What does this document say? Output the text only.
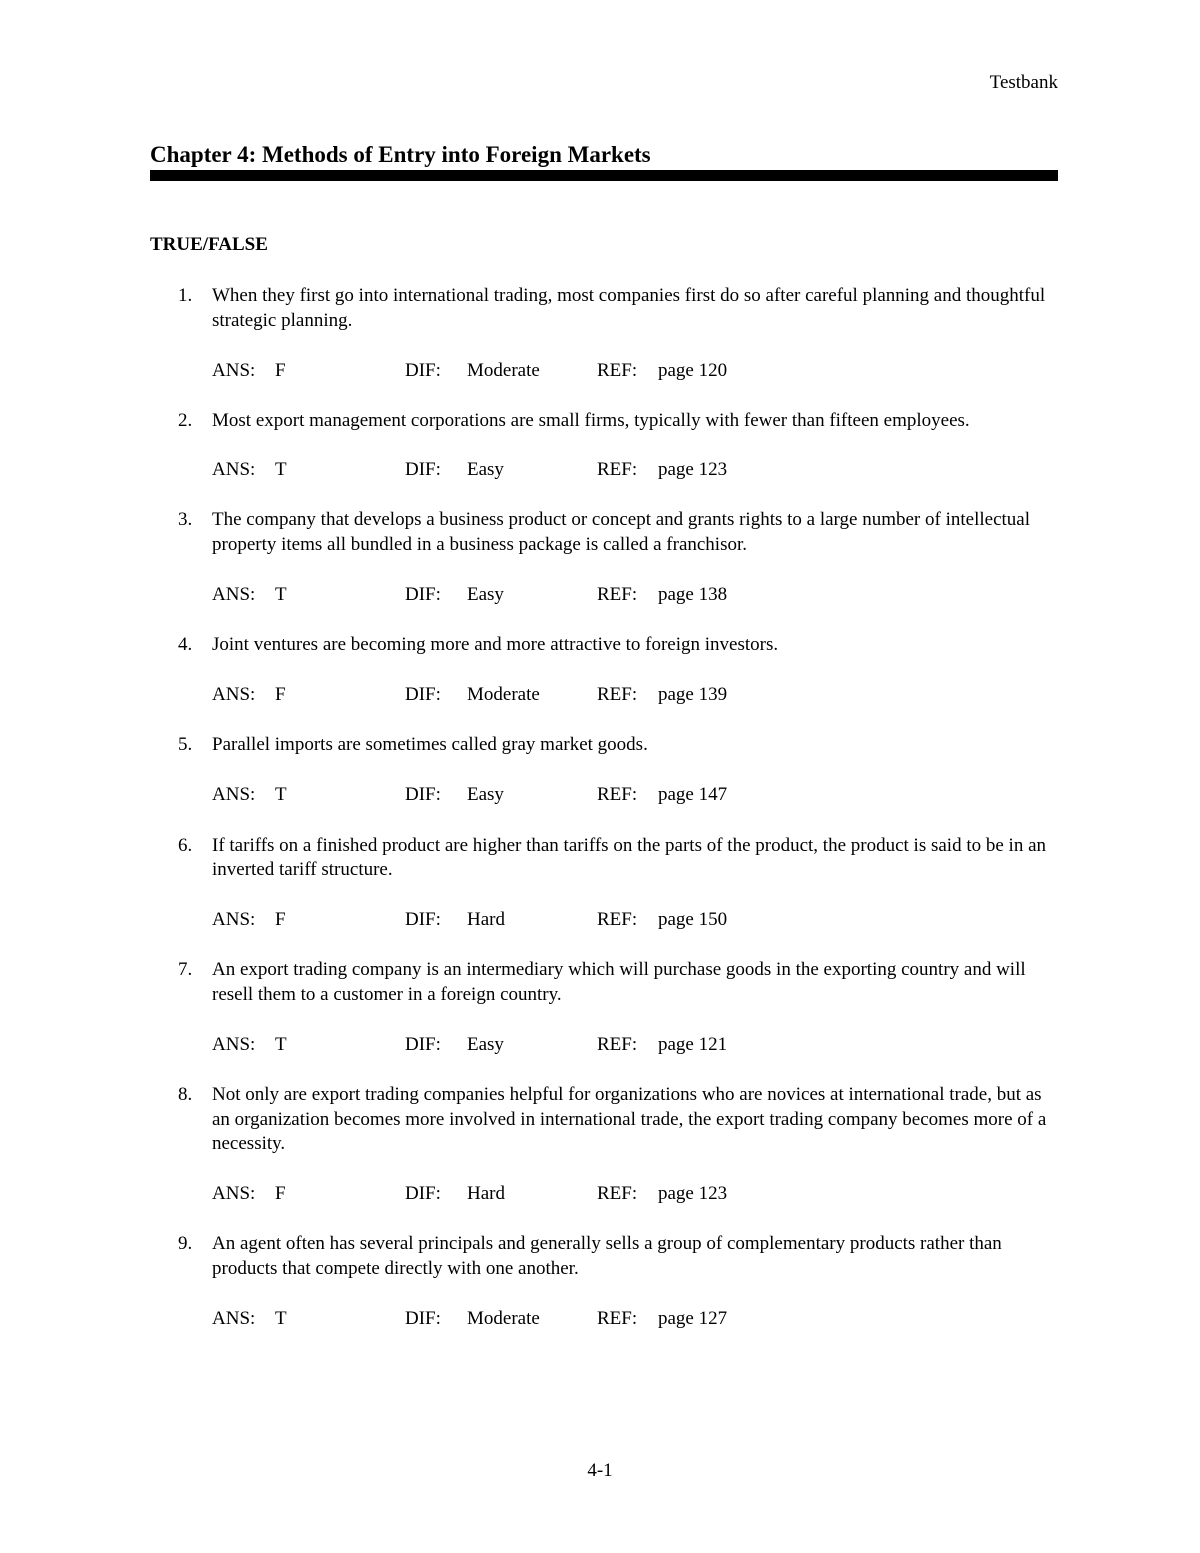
Testbank
Chapter 4: Methods of Entry into Foreign Markets
TRUE/FALSE
1. When they first go into international trading, most companies first do so after careful planning and thoughtful strategic planning.
ANS: F	DIF: Moderate	REF: page 120
2. Most export management corporations are small firms, typically with fewer than fifteen employees.
ANS: T	DIF: Easy	REF: page 123
3. The company that develops a business product or concept and grants rights to a large number of intellectual property items all bundled in a business package is called a franchisor.
ANS: T	DIF: Easy	REF: page 138
4. Joint ventures are becoming more and more attractive to foreign investors.
ANS: F	DIF: Moderate	REF: page 139
5. Parallel imports are sometimes called gray market goods.
ANS: T	DIF: Easy	REF: page 147
6. If tariffs on a finished product are higher than tariffs on the parts of the product, the product is said to be in an inverted tariff structure.
ANS: F	DIF: Hard	REF: page 150
7. An export trading company is an intermediary which will purchase goods in the exporting country and will resell them to a customer in a foreign country.
ANS: T	DIF: Easy	REF: page 121
8. Not only are export trading companies helpful for organizations who are novices at international trade, but as an organization becomes more involved in international trade, the export trading company becomes more of a necessity.
ANS: F	DIF: Hard	REF: page 123
9. An agent often has several principals and generally sells a group of complementary products rather than products that compete directly with one another.
ANS: T	DIF: Moderate	REF: page 127
4-1
